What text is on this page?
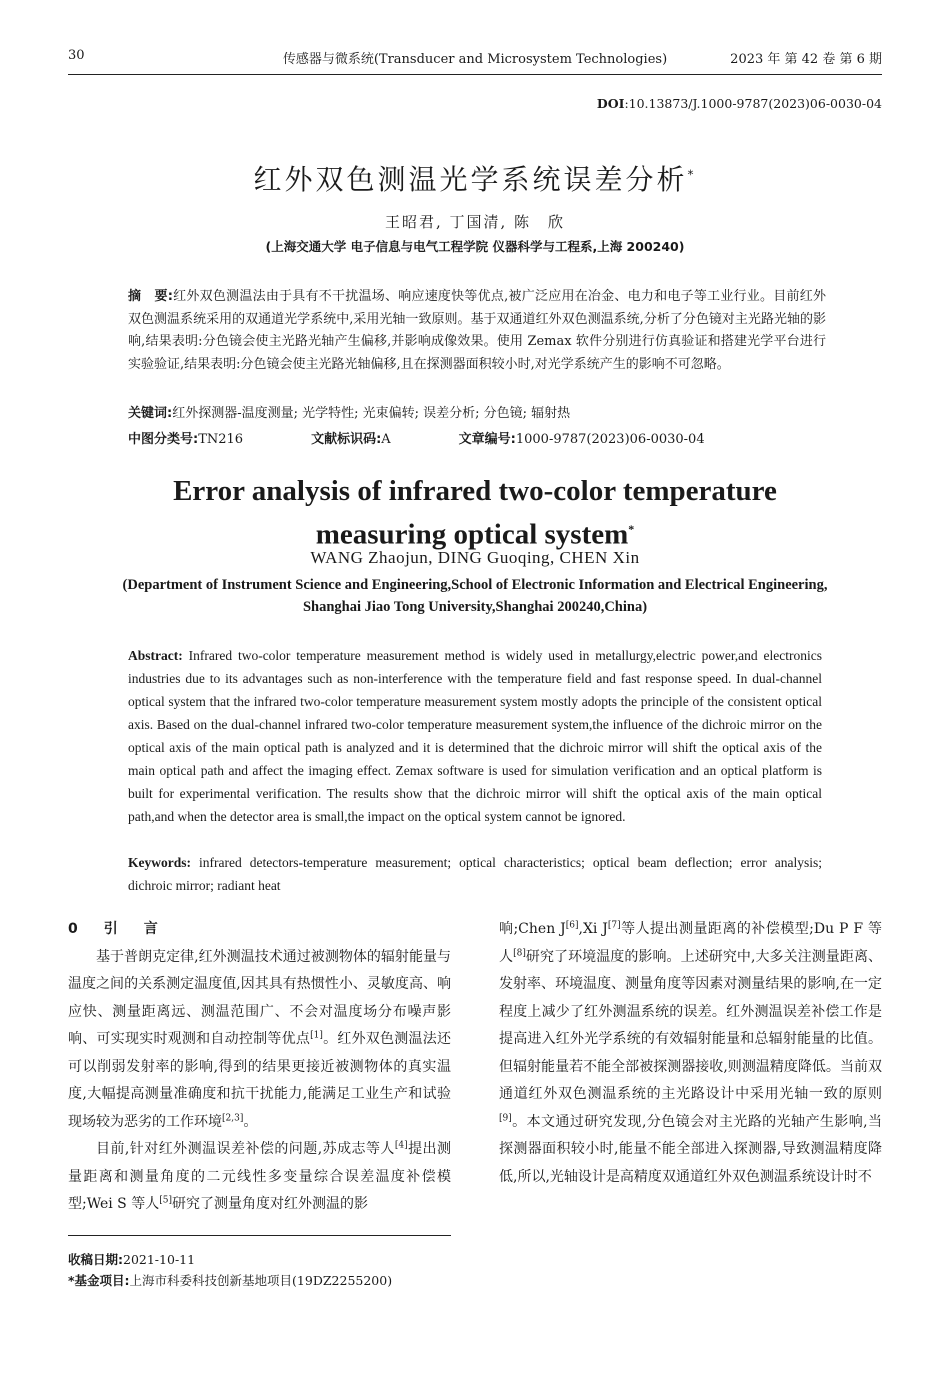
30	传感器与微系统(Transducer and Microsystem Technologies)	2023 年 第 42 卷 第 6 期
DOI:10.13873/J.1000-9787(2023)06-0030-04
红外双色测温光学系统误差分析*
王昭君, 丁国清, 陈　欣
(上海交通大学 电子信息与电气工程学院 仪器科学与工程系,上海 200240)
摘　要:红外双色测温法由于具有不干扰温场、响应速度快等优点,被广泛应用在冶金、电力和电子等工业行业。目前红外双色测温系统采用的双通道光学系统中,采用光轴一致原则。基于双通道红外双色测温系统,分析了分色镜对主光路光轴的影响,结果表明:分色镜会使主光路光轴产生偏移,并影响成像效果。使用 Zemax 软件分别进行仿真验证和搭建光学平台进行实验验证,结果表明:分色镜会使主光路光轴偏移,且在探测器面积较小时,对光学系统产生的影响不可忽略。
关键词:红外探测器-温度测量; 光学特性; 光束偏转; 误差分析; 分色镜; 辐射热
中图分类号:TN216	文献标识码:A	文章编号:1000-9787(2023)06-0030-04
Error analysis of infrared two-color temperature
measuring optical system*
WANG Zhaojun, DING Guoqing, CHEN Xin
(Department of Instrument Science and Engineering,School of Electronic Information and Electrical Engineering,
Shanghai Jiao Tong University,Shanghai 200240,China)
Abstract: Infrared two-color temperature measurement method is widely used in metallurgy,electric power,and electronics industries due to its advantages such as non-interference with the temperature field and fast response speed. In dual-channel optical system that the infrared two-color temperature measurement system mostly adopts the principle of the consistent optical axis. Based on the dual-channel infrared two-color temperature measurement system,the influence of the dichroic mirror on the optical axis of the main optical path is analyzed and it is determined that the dichroic mirror will shift the optical axis of the main optical path and affect the imaging effect. Zemax software is used for simulation verification and an optical platform is built for experimental verification. The results show that the dichroic mirror will shift the optical axis of the main optical path,and when the detector area is small,the impact on the optical system cannot be ignored.
Keywords: infrared detectors-temperature measurement; optical characteristics; optical beam deflection; error analysis; dichroic mirror; radiant heat
0　引　言

基于普朗克定律,红外测温技术通过被测物体的辐射能量与温度之间的关系测定温度值,因其具有热惯性小、灵敏度高、响应快、测量距离远、测温范围广、不会对温度场分布噪声影响、可实现实时观测和自动控制等优点[1]。红外双色测温法还可以削弱发射率的影响,得到的结果更接近被测物体的真实温度,大幅提高测量准确度和抗干扰能力,能满足工业生产和试验现场较为恶劣的工作环境[2,3]。

目前,针对红外测温误差补偿的问题,苏成志等人[4]提出测量距离和测量角度的二元线性多变量综合误差温度补偿模型;Wei S 等人[5]研究了测量角度对红外测温的影

响;Chen J[6],Xi J[7]等人提出测量距离的补偿模型;Du P F 等人[8]研究了环境温度的影响。上述研究中,大多关注测量距离、发射率、环境温度、测量角度等因素对测量结果的影响,在一定程度上减少了红外测温系统的误差。红外测温误差补偿工作是提高进入红外光学系统的有效辐射能量和总辐射能量的比值。但辐射能量若不能全部被探测器接收,则测温精度降低。当前双通道红外双色测温系统的主光路设计中采用光轴一致的原则[9]。本文通过研究发现,分色镜会对主光路的光轴产生影响,当探测器面积较小时,能量不能全部进入探测器,导致测温精度降低,所以,光轴设计是高精度双通道红外双色测温系统设计时不

收稿日期:2021-10-11
*基金项目:上海市科委科技创新基地项目(19DZ2255200)
